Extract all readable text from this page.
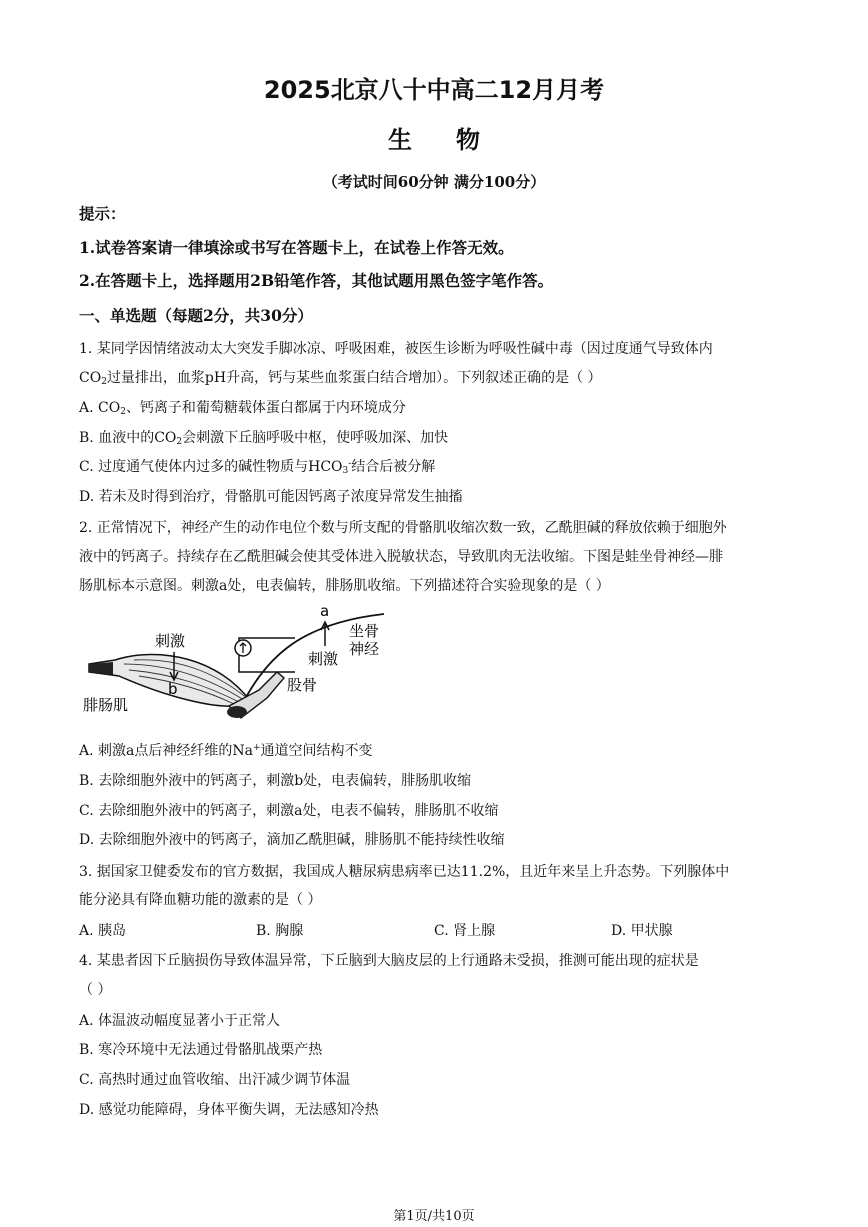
2025北京八十中高二12月月考
生物
（考试时间60分钟 满分100分）
提示：
1.试卷答案请一律填涂或书写在答题卡上，在试卷上作答无效。
2.在答题卡上，选择题用2B铅笔作答，其他试题用黑色签字笔作答。
一、单选题（每题2分，共30分）
1. 某同学因情绪波动太大突发手脚冰凉、呼吸困难，被医生诊断为呼吸性碱中毒（因过度通气导致体内
$CO_2$过量排出，血浆pH升高，钙与某些血浆蛋白结合增加）。下列叙述正确的是（ ）
A. $CO_2$、钙离子和葡萄糖载体蛋白都属于内环境成分
B. 血液中的$CO_2$会刺激下丘脑呼吸中枢，使呼吸加深、加快
C. 过度通气使体内过多的碱性物质与$HCO_3^-$结合后被分解
D. 若未及时得到治疗，骨骼肌可能因钙离子浓度异常发生抽搐
2. 正常情况下，神经产生的动作电位个数与所支配的骨骼肌收缩次数一致，乙酰胆碱的释放依赖于细胞外
液中的钙离子。持续存在乙酰胆碱会使其受体进入脱敏状态，导致肌肉无法收缩。下图是蛙坐骨神经—腓
肠肌标本示意图。刺激a处，电表偏转，腓肠肌收缩。下列描述符合实验现象的是（ ）
刺激
b
腓肠肌
a
刺激
坐骨
神经
股骨
A. 刺激a点后神经纤维的Na+通道空间结构不变
B. 去除细胞外液中的钙离子，刺激b处，电表偏转，腓肠肌收缩
C. 去除细胞外液中的钙离子，刺激a处，电表不偏转，腓肠肌不收缩
D. 去除细胞外液中的钙离子，滴加乙酰胆碱，腓肠肌不能持续性收缩
3. 据国家卫健委发布的官方数据，我国成人糖尿病患病率已达11.2%，且近年来呈上升态势。下列腺体中
能分泌具有降血糖功能的激素的是（ ）
A. 胰岛	B. 胸腺	C. 肾上腺	D. 甲状腺
4. 某患者因下丘脑损伤导致体温异常，下丘脑到大脑皮层的上行通路未受损，推测可能出现的症状是
（ ）
A. 体温波动幅度显著小于正常人
B. 寒冷环境中无法通过骨骼肌战栗产热
C. 高热时通过血管收缩、出汗减少调节体温
D. 感觉功能障碍，身体平衡失调，无法感知冷热
第1页/共10页
